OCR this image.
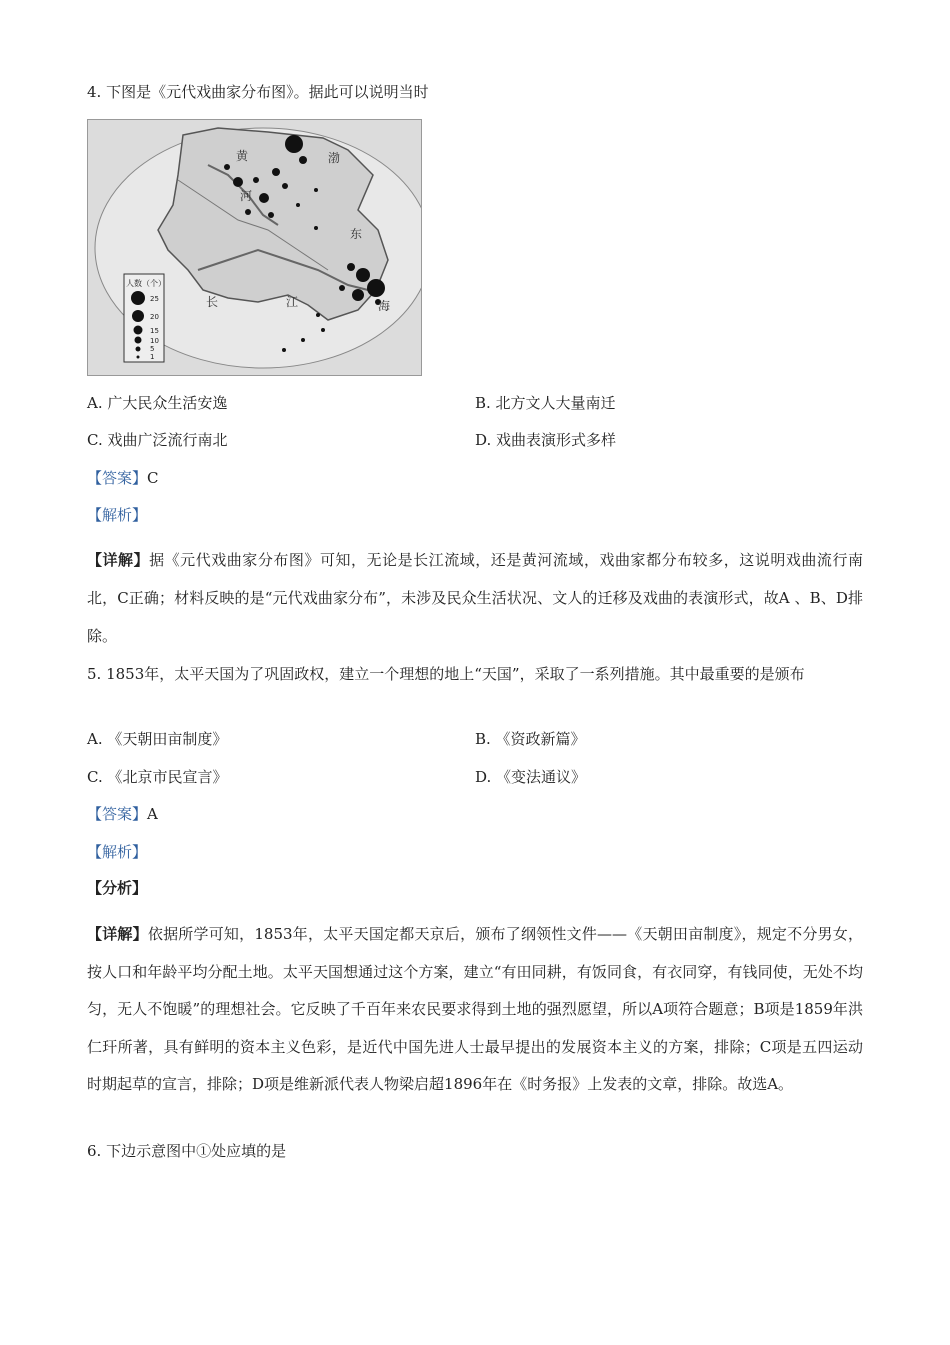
4. 下图是《元代戏曲家分布图》。据此可以说明当时
黄
河
东
长	江
渤
海
人数（个）
25
20
15
10
5
1
A. 广大民众生活安逸	B. 北方文人大量南迁
C. 戏曲广泛流行南北	D. 戏曲表演形式多样
【答案】C
【解析】
【详解】据《元代戏曲家分布图》可知，无论是长江流域，还是黄河流域，戏曲家都分布较多，这说明戏曲流行南北，C正确；材料反映的是“元代戏曲家分布”，未涉及民众生活状况、文人的迁移及戏曲的表演形式，故A 、B、D排除。
5. 1853年，太平天国为了巩固政权，建立一个理想的地上“天国”，采取了一系列措施。其中最重要的是颁布
A. 《天朝田亩制度》	B. 《资政新篇》
C. 《北京市民宣言》	D. 《变法通议》
【答案】A
【解析】
【分析】
【详解】依据所学可知，1853年，太平天国定都天京后，颁布了纲领性文件——《天朝田亩制度》，规定不分男女，按人口和年龄平均分配土地。太平天国想通过这个方案，建立“有田同耕，有饭同食，有衣同穿，有钱同使，无处不均匀，无人不饱暖”的理想社会。它反映了千百年来农民要求得到土地的强烈愿望，所以A项符合题意；B项是1859年洪仁玕所著，具有鲜明的资本主义色彩，是近代中国先进人士最早提出的发展资本主义的方案，排除；C项是五四运动时期起草的宣言，排除；D项是维新派代表人物梁启超1896年在《时务报》上发表的文章，排除。故选A。
6. 下边示意图中①处应填的是
